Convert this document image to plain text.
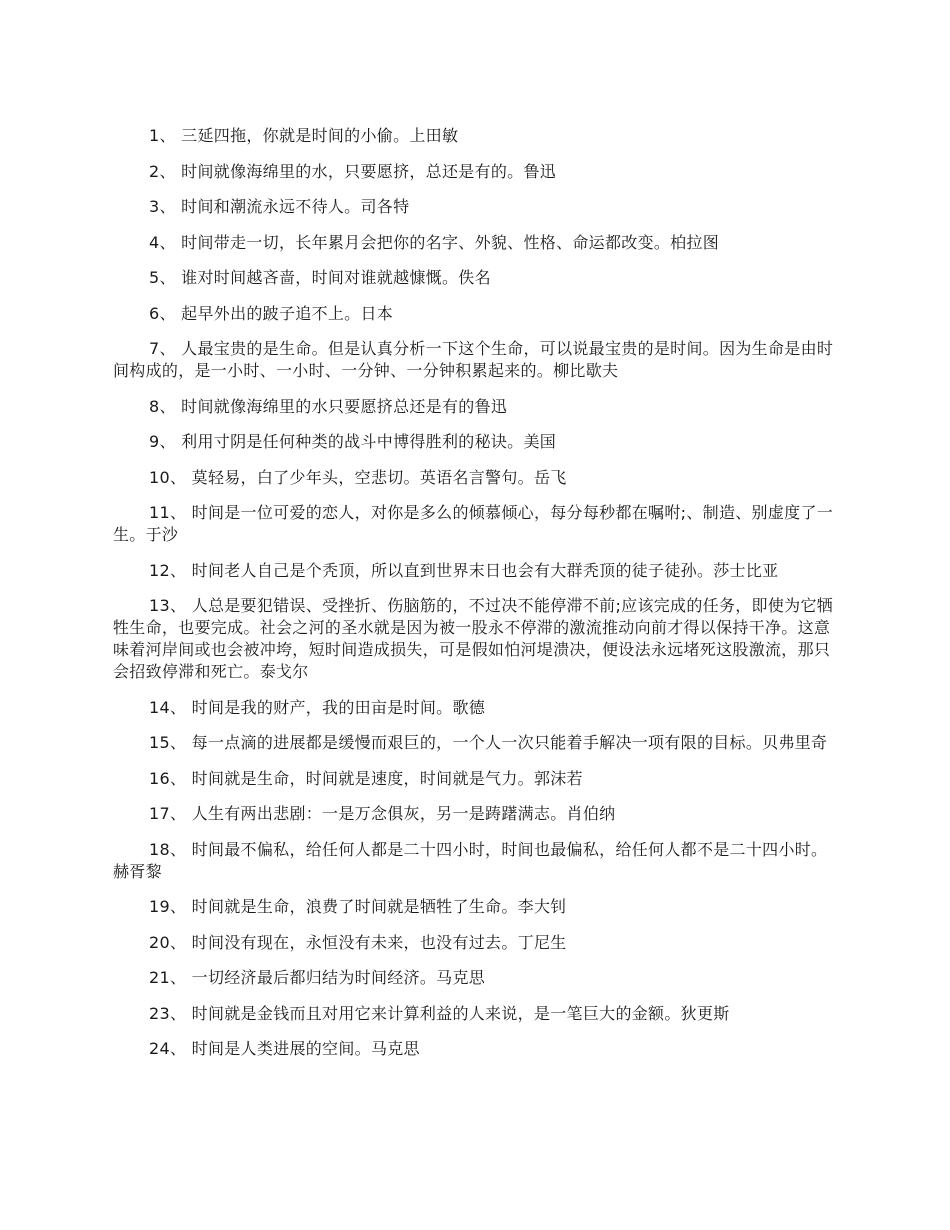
1、 三延四拖，你就是时间的小偷。上田敏

2、 时间就像海绵里的水，只要愿挤，总还是有的。鲁迅

3、 时间和潮流永远不待人。司各特

4、 时间带走一切，长年累月会把你的名字、外貌、性格、命运都改变。柏拉图

5、 谁对时间越吝啬，时间对谁就越慷慨。佚名

6、 起早外出的跛子追不上。日本

7、 人最宝贵的是生命。但是认真分析一下这个生命，可以说最宝贵的是时间。因为生命是由时间构成的，是一小时、一小时、一分钟、一分钟积累起来的。柳比歇夫

8、 时间就像海绵里的水只要愿挤总还是有的鲁迅

9、 利用寸阴是任何种类的战斗中博得胜利的秘诀。美国

10、 莫轻易，白了少年头，空悲切。英语名言警句。岳飞

11、 时间是一位可爱的恋人，对你是多么的倾慕倾心，每分每秒都在嘱咐;、制造、别虚度了一生。于沙

12、 时间老人自己是个秃顶，所以直到世界末日也会有大群秃顶的徒子徒孙。莎士比亚

13、 人总是要犯错误、受挫折、伤脑筋的，不过决不能停滞不前;应该完成的任务，即使为它牺牲生命，也要完成。社会之河的圣水就是因为被一股永不停滞的激流推动向前才得以保持干净。这意味着河岸间或也会被冲垮，短时间造成损失，可是假如怕河堤溃决，便设法永远堵死这股激流，那只会招致停滞和死亡。泰戈尔

14、 时间是我的财产，我的田亩是时间。歌德

15、 每一点滴的进展都是缓慢而艰巨的，一个人一次只能着手解决一项有限的目标。贝弗里奇

16、 时间就是生命，时间就是速度，时间就是气力。郭沫若

17、 人生有两出悲剧：一是万念俱灰，另一是踌躇满志。肖伯纳

18、 时间最不偏私，给任何人都是二十四小时，时间也最偏私，给任何人都不是二十四小时。赫胥黎

19、 时间就是生命，浪费了时间就是牺牲了生命。李大钊

20、 时间没有现在，永恒没有未来，也没有过去。丁尼生

21、 一切经济最后都归结为时间经济。马克思

23、 时间就是金钱而且对用它来计算利益的人来说，是一笔巨大的金额。狄更斯

24、 时间是人类进展的空间。马克思
